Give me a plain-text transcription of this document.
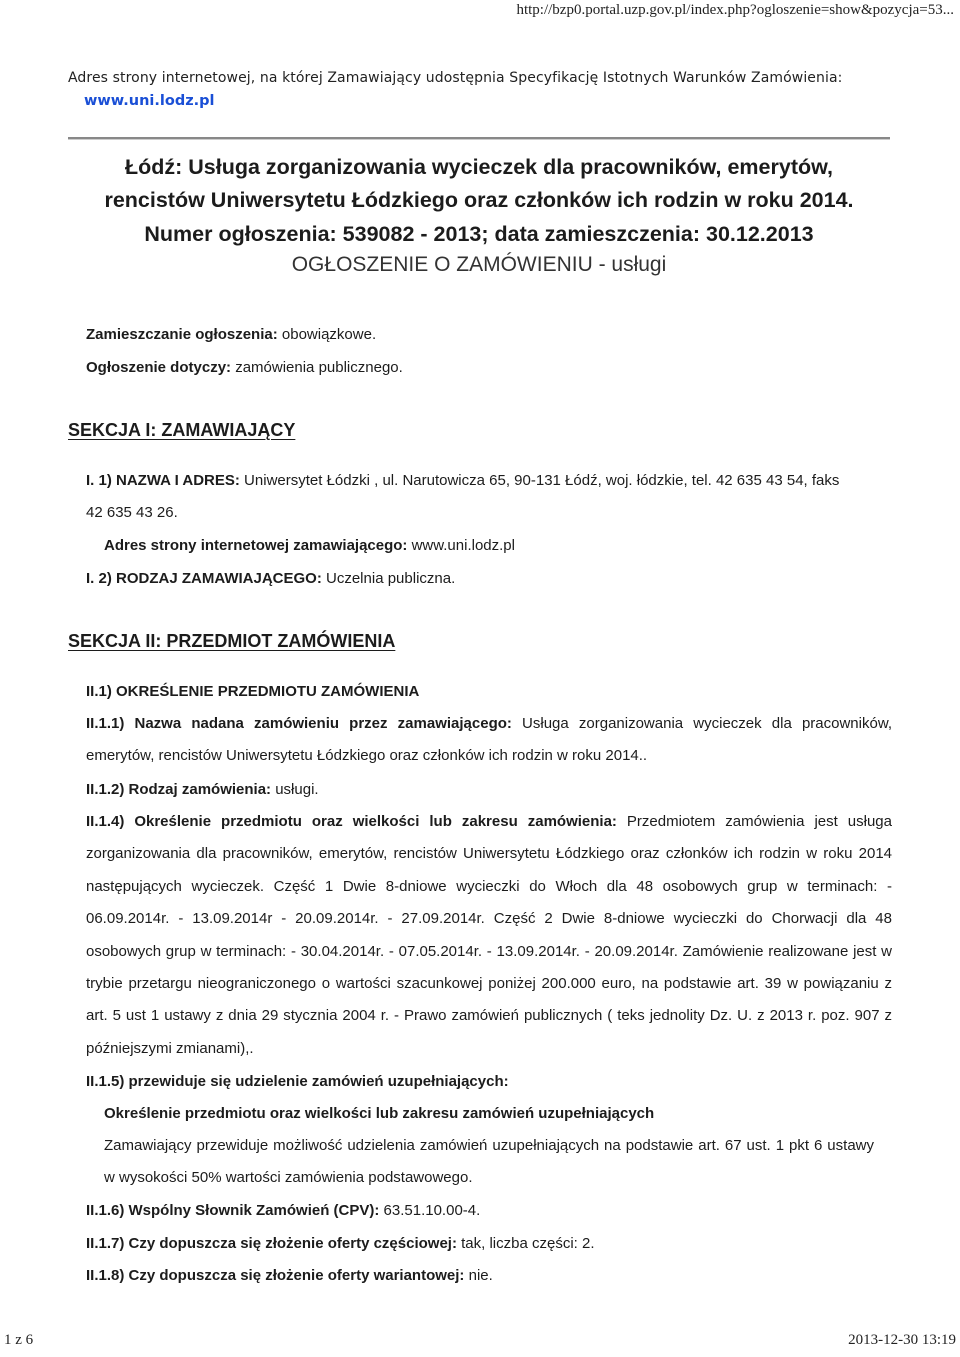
http://bzp0.portal.uzp.gov.pl/index.php?ogloszenie=show&pozycja=53...
Adres strony internetowej, na której Zamawiający udostępnia Specyfikację Istotnych Warunków Zamówienia:
www.uni.lodz.pl
Łódź: Usługa zorganizowania wycieczek dla pracowników, emerytów,
rencistów Uniwersytetu Łódzkiego oraz członków ich rodzin w roku 2014.
Numer ogłoszenia: 539082 - 2013; data zamieszczenia: 30.12.2013
OGŁOSZENIE O ZAMÓWIENIU - usługi
Zamieszczanie ogłoszenia: obowiązkowe.
Ogłoszenie dotyczy: zamówienia publicznego.
SEKCJA I: ZAMAWIAJĄCY
I. 1) NAZWA I ADRES: Uniwersytet Łódzki , ul. Narutowicza 65, 90-131 Łódź, woj. łódzkie, tel. 42 635 43 54, faks
42 635 43 26.
Adres strony internetowej zamawiającego: www.uni.lodz.pl
I. 2) RODZAJ ZAMAWIAJĄCEGO: Uczelnia publiczna.
SEKCJA II: PRZEDMIOT ZAMÓWIENIA
II.1) OKREŚLENIE PRZEDMIOTU ZAMÓWIENIA
II.1.1) Nazwa nadana zamówieniu przez zamawiającego: Usługa zorganizowania wycieczek dla pracowników, emerytów, rencistów Uniwersytetu Łódzkiego oraz członków ich rodzin w roku 2014..
II.1.2) Rodzaj zamówienia: usługi.
II.1.4) Określenie przedmiotu oraz wielkości lub zakresu zamówienia: Przedmiotem zamówienia jest usługa zorganizowania dla pracowników, emerytów, rencistów Uniwersytetu Łódzkiego oraz członków ich rodzin w roku 2014 następujących wycieczek. Część 1 Dwie 8-dniowe wycieczki do Włoch dla 48 osobowych grup w terminach: - 06.09.2014r. - 13.09.2014r - 20.09.2014r. - 27.09.2014r. Część 2 Dwie 8-dniowe wycieczki do Chorwacji dla 48 osobowych grup w terminach: - 30.04.2014r. - 07.05.2014r. - 13.09.2014r. - 20.09.2014r. Zamówienie realizowane jest w trybie przetargu nieograniczonego o wartości szacunkowej poniżej 200.000 euro, na podstawie art. 39 w powiązaniu z art. 5 ust 1 ustawy z dnia 29 stycznia 2004 r. - Prawo zamówień publicznych ( teks jednolity Dz. U. z 2013 r. poz. 907 z późniejszymi zmianami),.
II.1.5) przewiduje się udzielenie zamówień uzupełniających:
Określenie przedmiotu oraz wielkości lub zakresu zamówień uzupełniających
Zamawiający przewiduje możliwość udzielenia zamówień uzupełniających na podstawie art. 67 ust. 1 pkt 6 ustawy w wysokości 50% wartości zamówienia podstawowego.
II.1.6) Wspólny Słownik Zamówień (CPV): 63.51.10.00-4.
II.1.7) Czy dopuszcza się złożenie oferty częściowej: tak, liczba części: 2.
II.1.8) Czy dopuszcza się złożenie oferty wariantowej: nie.
1 z 6	2013-12-30 13:19
